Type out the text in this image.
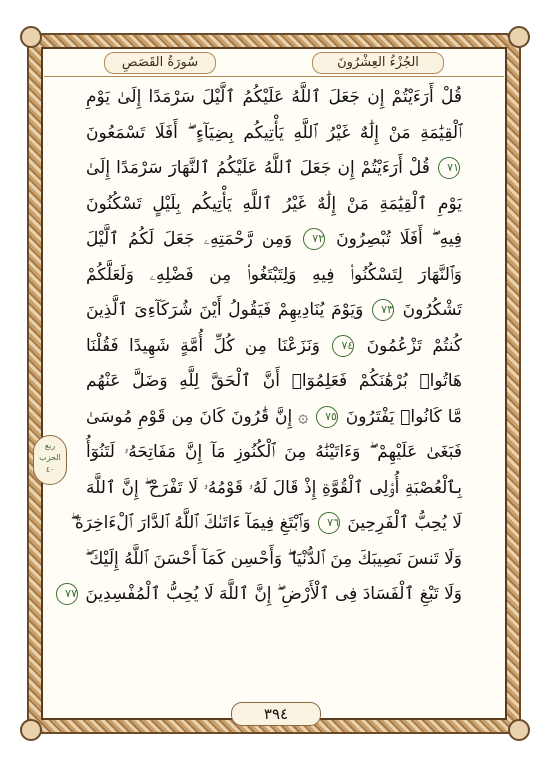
سُورَةُ القَصَصِ	الجُزْءُ العِشْرُونَ
قُلْ أَرَءَيْتُمْ إِن جَعَلَ ٱللَّهُ عَلَيْكُمُ ٱلَّيْلَ سَرْمَدًا إِلَىٰ يَوْمِ
ٱلْقِيَٰمَةِ مَنْ إِلَٰهٌ غَيْرُ ٱللَّهِ يَأْتِيكُم بِضِيَآءٍ ۖ أَفَلَا تَسْمَعُونَ
٧١ قُلْ أَرَءَيْتُمْ إِن جَعَلَ ٱللَّهُ عَلَيْكُمُ ٱلنَّهَارَ سَرْمَدًا إِلَىٰ
يَوْمِ ٱلْقِيَٰمَةِ مَنْ إِلَٰهٌ غَيْرُ ٱللَّهِ يَأْتِيكُم بِلَيْلٍ تَسْكُنُونَ
فِيهِ ۖ أَفَلَا تُبْصِرُونَ ٧٢ وَمِن رَّحْمَتِهِۦ جَعَلَ لَكُمُ ٱلَّيْلَ
وَٱلنَّهَارَ لِتَسْكُنُوا۟ فِيهِ وَلِتَبْتَغُوا۟ مِن فَضْلِهِۦ وَلَعَلَّكُمْ
تَشْكُرُونَ ٧٣ وَيَوْمَ يُنَادِيهِمْ فَيَقُولُ أَيْنَ شُرَكَآءِىَ ٱلَّذِينَ
كُنتُمْ تَزْعُمُونَ ٧٤ وَنَزَعْنَا مِن كُلِّ أُمَّةٍ شَهِيدًا فَقُلْنَا
هَاتُوا۟ بُرْهَٰنَكُمْ فَعَلِمُوٓا۟ أَنَّ ٱلْحَقَّ لِلَّهِ وَضَلَّ عَنْهُم
مَّا كَانُوا۟ يَفْتَرُونَ ٧٥ ۞ إِنَّ قَٰرُونَ كَانَ مِن قَوْمِ مُوسَىٰ
فَبَغَىٰ عَلَيْهِمْ ۖ وَءَاتَيْنَٰهُ مِنَ ٱلْكُنُوزِ مَآ إِنَّ مَفَاتِحَهُۥ لَتَنُوٓأُ
بِٱلْعُصْبَةِ أُو۟لِى ٱلْقُوَّةِ إِذْ قَالَ لَهُۥ قَوْمُهُۥ لَا تَفْرَحْ ۖ إِنَّ ٱللَّهَ
لَا يُحِبُّ ٱلْفَرِحِينَ ٧٦ وَٱبْتَغِ فِيمَآ ءَاتَىٰكَ ٱللَّهُ ٱلدَّارَ ٱلْءَاخِرَةَ ۖ
وَلَا تَنسَ نَصِيبَكَ مِنَ ٱلدُّنْيَا ۖ وَأَحْسِن كَمَآ أَحْسَنَ ٱللَّهُ إِلَيْكَ ۖ
وَلَا تَبْغِ ٱلْفَسَادَ فِى ٱلْأَرْضِ ۖ إِنَّ ٱللَّهَ لَا يُحِبُّ ٱلْمُفْسِدِينَ ٧٧
ربع
الحزب
٤٠
٣٩٤
